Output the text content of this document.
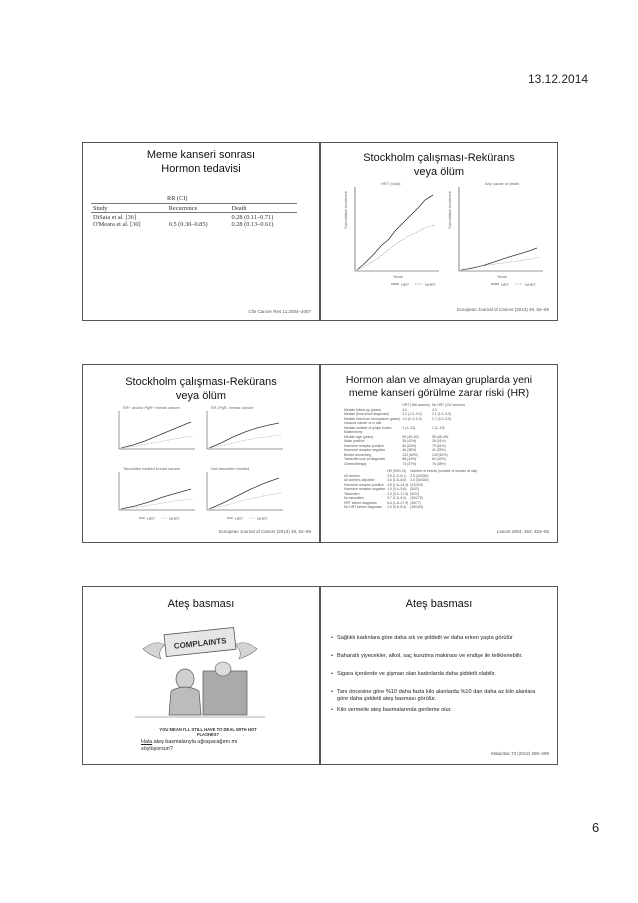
13.12.2014
Meme kanseri sonrası Hormon tedavisi
RR (CI)
Study	Recurrence	Death

DiSaia et al. [36]		0.28 (0.11–0.71)
O'Meara et al. [30]	0.5 (0.30–0.85)	0.28 (0.13–0.61)
Clin Cancer Res 11:2004–2007
Stockholm çalışması-Rekürans veya ölüm
HRT (total)	Any cause of death
Cumulative incidence	Cumulative incidence
Years	Years
HRT	NHRT	HRT	NHRT
European Journal of Cancer (2013) 49, 52–59
Stockholm çalışması-Rekürans veya ölüm
ER+ and/or PgR+ breast cancer	ER-/PgR- breast cancer
Tamoxifen treated breast cancer	Not tamoxifen treated
HRT	NHRT	HRT	NHRT
European Journal of Cancer (2013) 49, 52–59
Hormon alan ve almayan gruplarda yeni meme kanseri görülme zarar riski (HR)
	HRT (168 women)	No HRT (202 women)
Median follow-up (years)	4.0	4.0
Median (time since diagnosis)	2.2 (1.0–3.0)	2.1 (1.0–3.0)
Median time from menopause (years)	1.0 (0.3–2.0)	1.7 (0.2–3.0)
Invasive cancer or in situ		
Median number of lymph nodes	1 (1–13)	1 (1–13)
Mastectomy		
Median age (years)	55 (49–62)	55 (48–59)
Node positive	35 (42%)	35 (41%)
Hormone receptor positive	80 (63%)	75 (61%)
Hormone receptor negative	46 (38%)	41 (39%)
Breast conserving	122 (60%)	125 (62%)
Tamoxifen use at diagnosis	88 (44%)	84 (42%)
Chemotherapy	74 (37%)	76 (38%)
	HR (95% CI)	Number of events (number of women at risk)
All women	3.5 (1.5–8.1)	2.5 (34/345)
All women, adjusted	3.6 (1.5–8.6)	2.6 (34/345)
Hormone receptor positive	4.8 (1.6–14.4)	(41/203)
Hormone receptor negative	1.9 (0.4–9.8)	(5/22)
Tamoxifen	2.0 (0.2–17.6)	(5/22)
No tamoxifen	3.7 (1.5–9.0)	(30/275)
HRT before diagnosis	6.6 (1.6–27.9)	(26/77)
No HRT before diagnosis	2.5 (0.8–8.4)	(18/184)
Lancet 2004; 363: 453–55
Ateş basması
COMPLAINTS
YOU MEAN I'LL STILL HAVE TO DEAL WITH HOT FLASHES?
Hala ateş basmalarıyla uğraşacağımı mı söylüyorsun?
Ateş basması
• Sağlıklı kadınlara göre daha sık ve şiddetli ve daha erken yaşta görülür
• Baharatlı yiyecekler, alkol, saç kurutma makinası ve endişe ile tetiklenebilir.
• Sigara içenlerde ve şişman olan kadınlarda daha şiddetli olabilir.
• Tanı öncesine göre %10 daha fazla kilo alanlarda %10 dan daha az kilo alanlara göre daha şiddetli ateş basması görülür.
• Kilo vermeile ateş basmalarında gerileme olur.
Maturitas 73 (2012) 295–299
6
